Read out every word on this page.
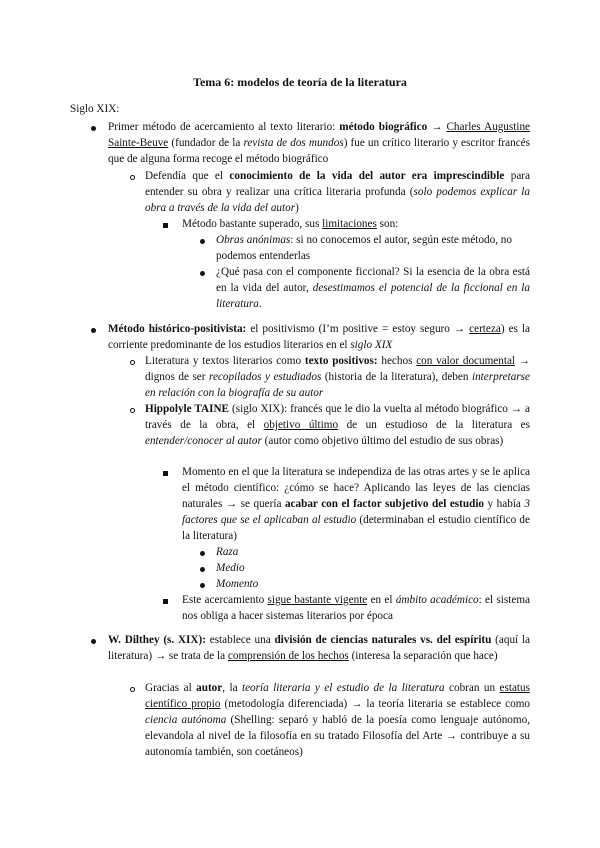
Tema 6: modelos de teoría de la literatura
Siglo XIX:
Primer método de acercamiento al texto literario: método biográfico → Charles Augustine Sainte-Beuve (fundador de la revista de dos mundos) fue un crítico literario y escritor francés que de alguna forma recoge el método biográfico
Defendía que el conocimiento de la vida del autor era imprescindible para entender su obra y realizar una crítica literaria profunda (solo podemos explicar la obra a través de la vida del autor)
Método bastante superado, sus limitaciones son:
Obras anónimas: si no conocemos el autor, según este método, no podemos entenderlas
¿Qué pasa con el componente ficcional? Si la esencia de la obra está en la vida del autor, desestimamos el potencial de la ficcional en la literatura.
Método histórico-positivista: el positivismo (I’m positive = estoy seguro → certeza) es la corriente predominante de los estudios literarios en el siglo XIX
Literatura y textos literarios como texto positivos: hechos con valor documental → dignos de ser recopilados y estudiados (historia de la literatura), deben interpretarse en relación con la biografía de su autor
Hippolyle TAINE (siglo XIX): francés que le dio la vuelta al método biográfico → a través de la obra, el objetivo último de un estudioso de la literatura es entender/conocer al autor (autor como objetivo último del estudio de sus obras)
Momento en el que la literatura se independiza de las otras artes y se le aplica el método científico: ¿cómo se hace? Aplicando las leyes de las ciencias naturales → se quería acabar con el factor subjetivo del estudio y había 3 factores que se el aplicaban al estudio (determinaban el estudio científico de la literatura)
Raza
Medio
Momento
Este acercamiento sigue bastante vigente en el ámbito académico: el sistema nos obliga a hacer sistemas literarios por época
W. Dilthey (s. XIX): establece una división de ciencias naturales vs. del espíritu (aquí la literatura) → se trata de la comprensión de los hechos (interesa la separación que hace)
Gracias al autor, la teoría literaria y el estudio de la literatura cobran un estatus científico propio (metodología diferenciada) → la teoría literaria se establece como ciencia autónoma (Shelling: separó y habló de la poesía como lenguaje autónomo, elevandola al nivel de la filosofía en su tratado Filosofía del Arte → contribuye a su autonomía también, son coetáneos)
